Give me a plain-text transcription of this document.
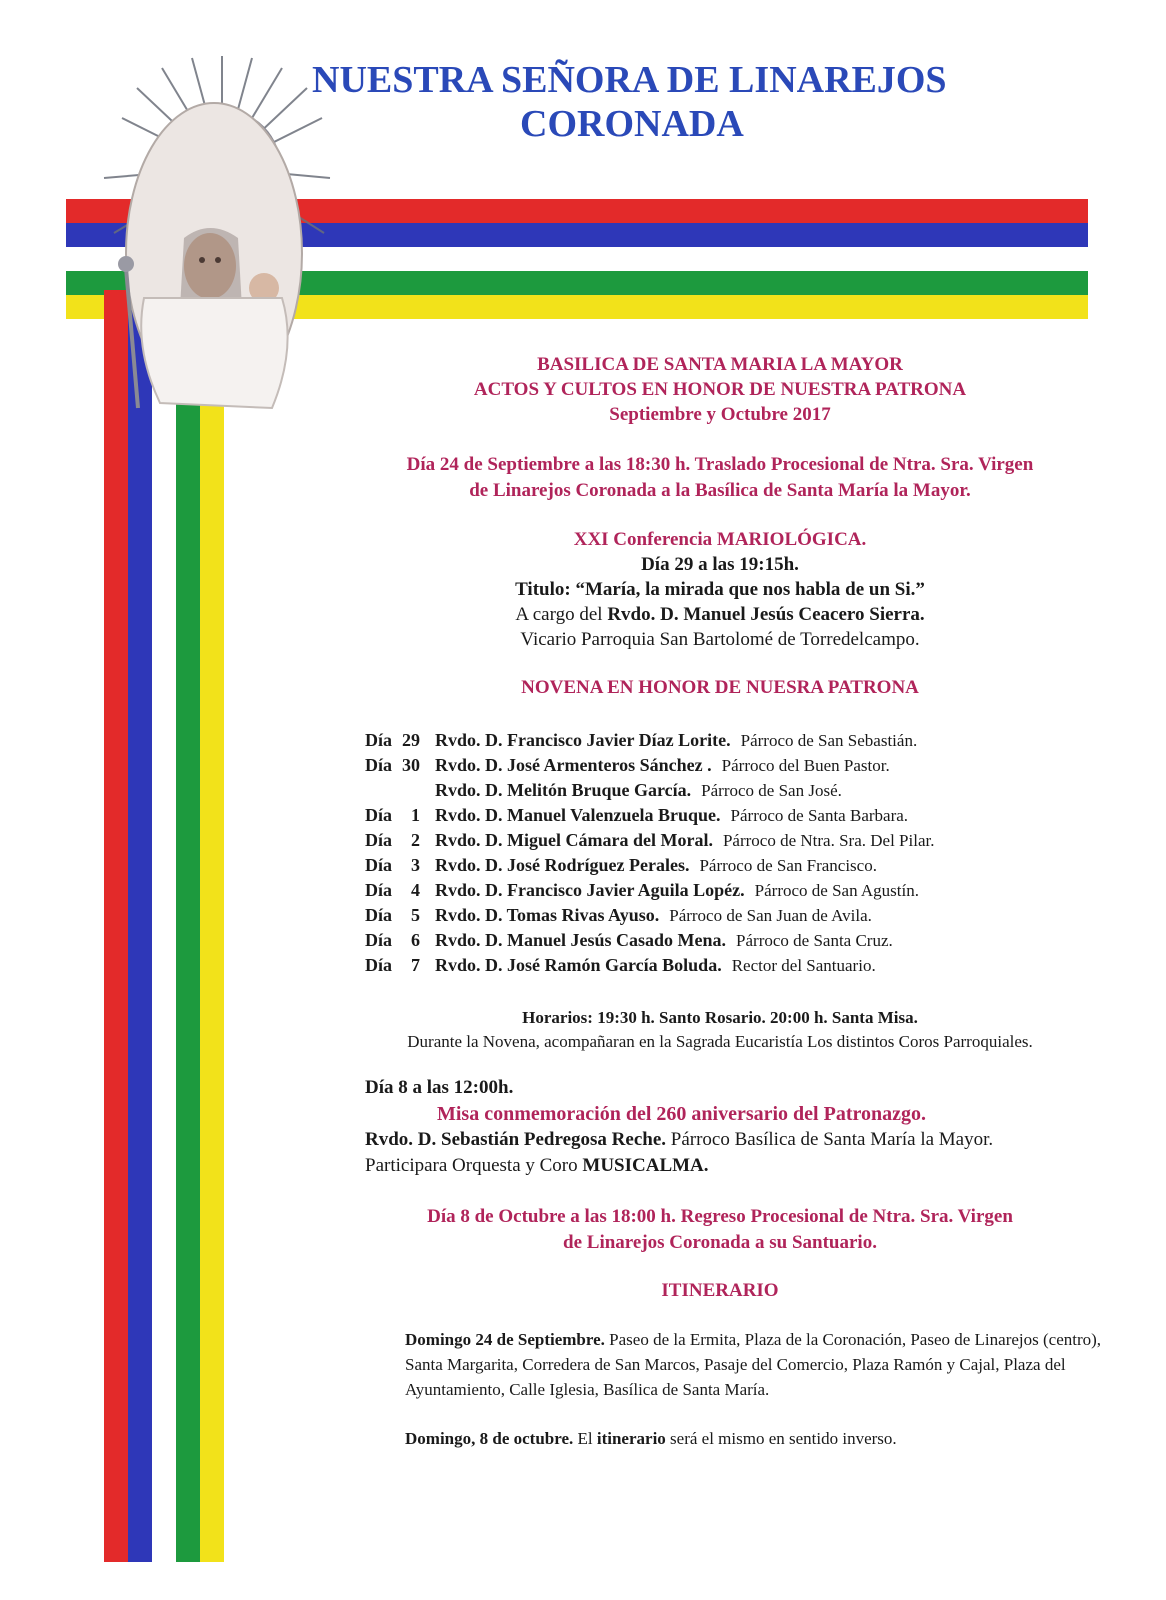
NUESTRA SEÑORA DE LINAREJOS
CORONADA
BASILICA DE SANTA MARIA LA MAYOR
ACTOS Y CULTOS EN HONOR DE NUESTRA PATRONA
Septiembre y Octubre 2017
Día 24 de Septiembre a las 18:30 h. Traslado Procesional de Ntra. Sra. Virgen
de Linarejos Coronada a la Basílica de Santa María la Mayor.
XXI Conferencia MARIOLÓGICA.
Día 29 a las 19:15h.
Titulo: “María, la mirada que nos habla de un Si.”
A cargo del Rvdo. D. Manuel Jesús Ceacero Sierra.
Vicario Parroquia San Bartolomé de Torredelcampo.
NOVENA EN HONOR DE NUESRA PATRONA
Día 29 Rvdo. D. Francisco Javier Díaz Lorite. Párroco de San Sebastián.
Día 30 Rvdo. D. José Armenteros Sánchez . Párroco del Buen Pastor.
Rvdo. D. Melitón Bruque García. Párroco de San José.
Día 1 Rvdo. D. Manuel Valenzuela Bruque. Párroco de Santa Barbara.
Día 2 Rvdo. D. Miguel Cámara del Moral. Párroco de Ntra. Sra. Del Pilar.
Día 3 Rvdo. D. José Rodríguez Perales. Párroco de San Francisco.
Día 4 Rvdo. D. Francisco Javier Aguila Lopéz. Párroco de San Agustín.
Día 5 Rvdo. D. Tomas Rivas Ayuso. Párroco de San Juan de Avila.
Día 6 Rvdo. D. Manuel Jesús Casado Mena. Párroco de Santa Cruz.
Día 7 Rvdo. D. José Ramón García Boluda. Rector del Santuario.
Horarios: 19:30 h. Santo Rosario. 20:00 h. Santa Misa.
Durante la Novena, acompañaran en la Sagrada Eucaristía Los distintos Coros Parroquiales.
Día 8 a las 12:00h.
Misa conmemoración del 260 aniversario del Patronazgo.
Rvdo. D. Sebastián Pedregosa Reche. Párroco Basílica de Santa María la Mayor.
Participara Orquesta y Coro MUSICALMA.
Día 8 de Octubre a las 18:00 h. Regreso Procesional de Ntra. Sra. Virgen
de Linarejos Coronada a su Santuario.
ITINERARIO
Domingo 24 de Septiembre. Paseo de la Ermita, Plaza de la Coronación, Paseo de Linarejos (centro), Santa Margarita, Corredera de San Marcos, Pasaje del Comercio, Plaza Ramón y Cajal, Plaza del Ayuntamiento, Calle Iglesia, Basílica de Santa María.
Domingo, 8 de octubre. El itinerario será el mismo en sentido inverso.
